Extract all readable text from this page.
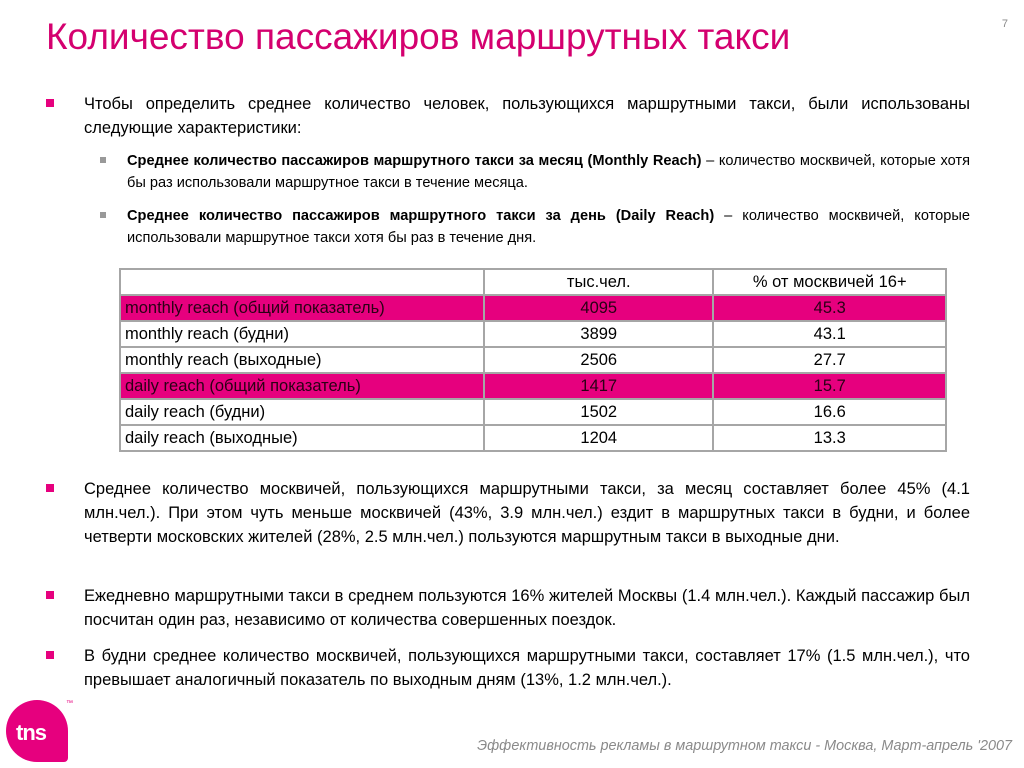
7
Количество пассажиров маршрутных такси

Чтобы определить среднее количество человек, пользующихся маршрутными такси, были использованы следующие характеристики:

Среднее количество пассажиров маршрутного такси за месяц (Monthly Reach) – количество москвичей, которые хотя бы раз использовали маршрутное такси в течение месяца.

Среднее количество пассажиров маршрутного такси за день (Daily Reach) – количество москвичей, которые использовали маршрутное такси хотя бы раз в течение дня.

	тыс.чел.	% от москвичей 16+
monthly reach (общий показатель)	4095	45.3
monthly reach (будни)	3899	43.1
monthly reach (выходные)	2506	27.7
daily reach (общий показатель)	1417	15.7
daily reach (будни)	1502	16.6
daily reach (выходные)	1204	13.3

Среднее количество москвичей, пользующихся маршрутными такси, за месяц составляет более 45% (4.1 млн.чел.). При этом чуть меньше москвичей (43%, 3.9 млн.чел.) ездит в маршрутных такси в будни, и более четверти московских жителей (28%, 2.5 млн.чел.) пользуются маршрутным такси в выходные дни.

Ежедневно маршрутными такси в среднем пользуются 16% жителей Москвы (1.4 млн.чел.). Каждый пассажир был посчитан один раз, независимо от количества совершенных поездок.

В будни среднее количество москвичей, пользующихся маршрутными такси, составляет 17% (1.5 млн.чел.), что превышает аналогичный показатель по выходным дням (13%, 1.2 млн.чел.).

tns
™
Эффективность рекламы в маршрутном такси - Москва, Март-апрель '2007
